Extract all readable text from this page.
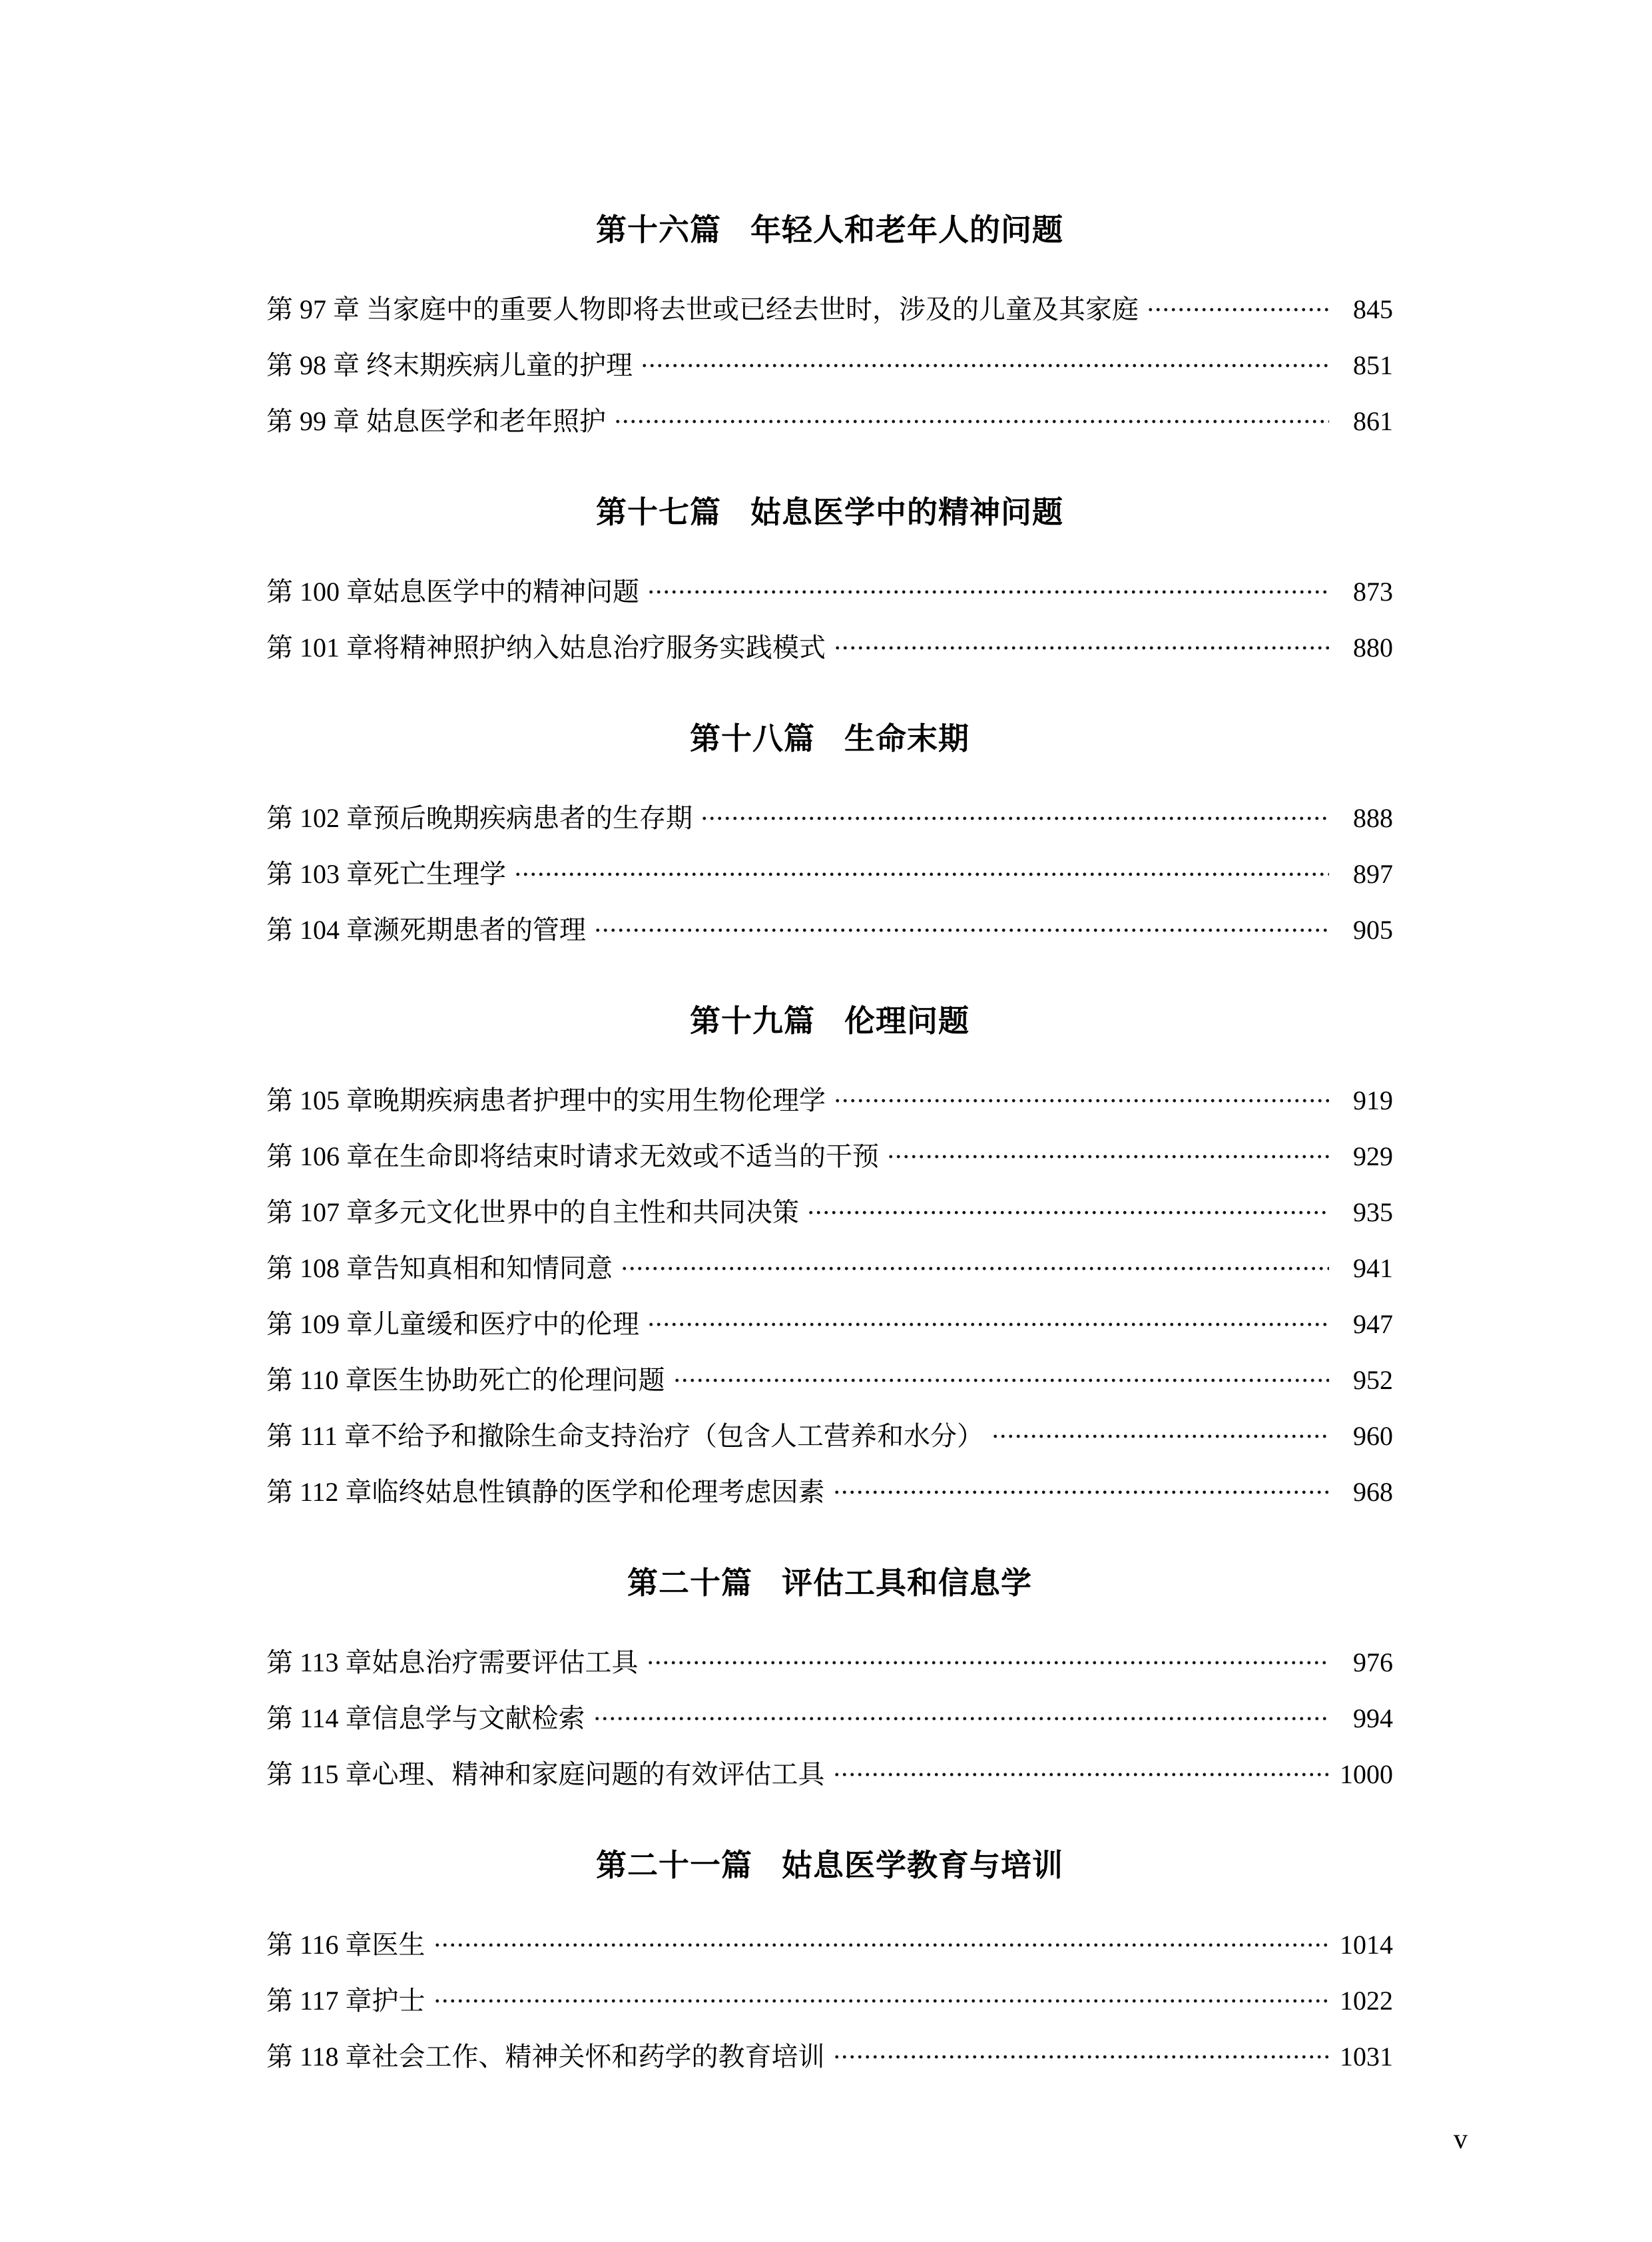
第十六篇 年轻人和老年人的问题
第 97 章 当家庭中的重要人物即将去世或已经去世时，涉及的儿童及其家庭	845
第 98 章 终末期疾病儿童的护理	851
第 99 章 姑息医学和老年照护	861
第十七篇 姑息医学中的精神问题
第 100 章 姑息医学中的精神问题	873
第 101 章 将精神照护纳入姑息治疗服务实践模式	880
第十八篇 生命末期
第 102 章 预后晚期疾病患者的生存期	888
第 103 章 死亡生理学	897
第 104 章 濒死期患者的管理	905
第十九篇 伦理问题
第 105 章 晚期疾病患者护理中的实用生物伦理学	919
第 106 章 在生命即将结束时请求无效或不适当的干预	929
第 107 章 多元文化世界中的自主性和共同决策	935
第 108 章 告知真相和知情同意	941
第 109 章 儿童缓和医疗中的伦理	947
第 110 章 医生协助死亡的伦理问题	952
第 111 章 不给予和撤除生命支持治疗（包含人工营养和水分）	960
第 112 章 临终姑息性镇静的医学和伦理考虑因素	968
第二十篇 评估工具和信息学
第 113 章 姑息治疗需要评估工具	976
第 114 章 信息学与文献检索	994
第 115 章 心理、精神和家庭问题的有效评估工具	1000
第二十一篇 姑息医学教育与培训
第 116 章 医生	1014
第 117 章 护士	1022
第 118 章 社会工作、精神关怀和药学的教育培训	1031
v
